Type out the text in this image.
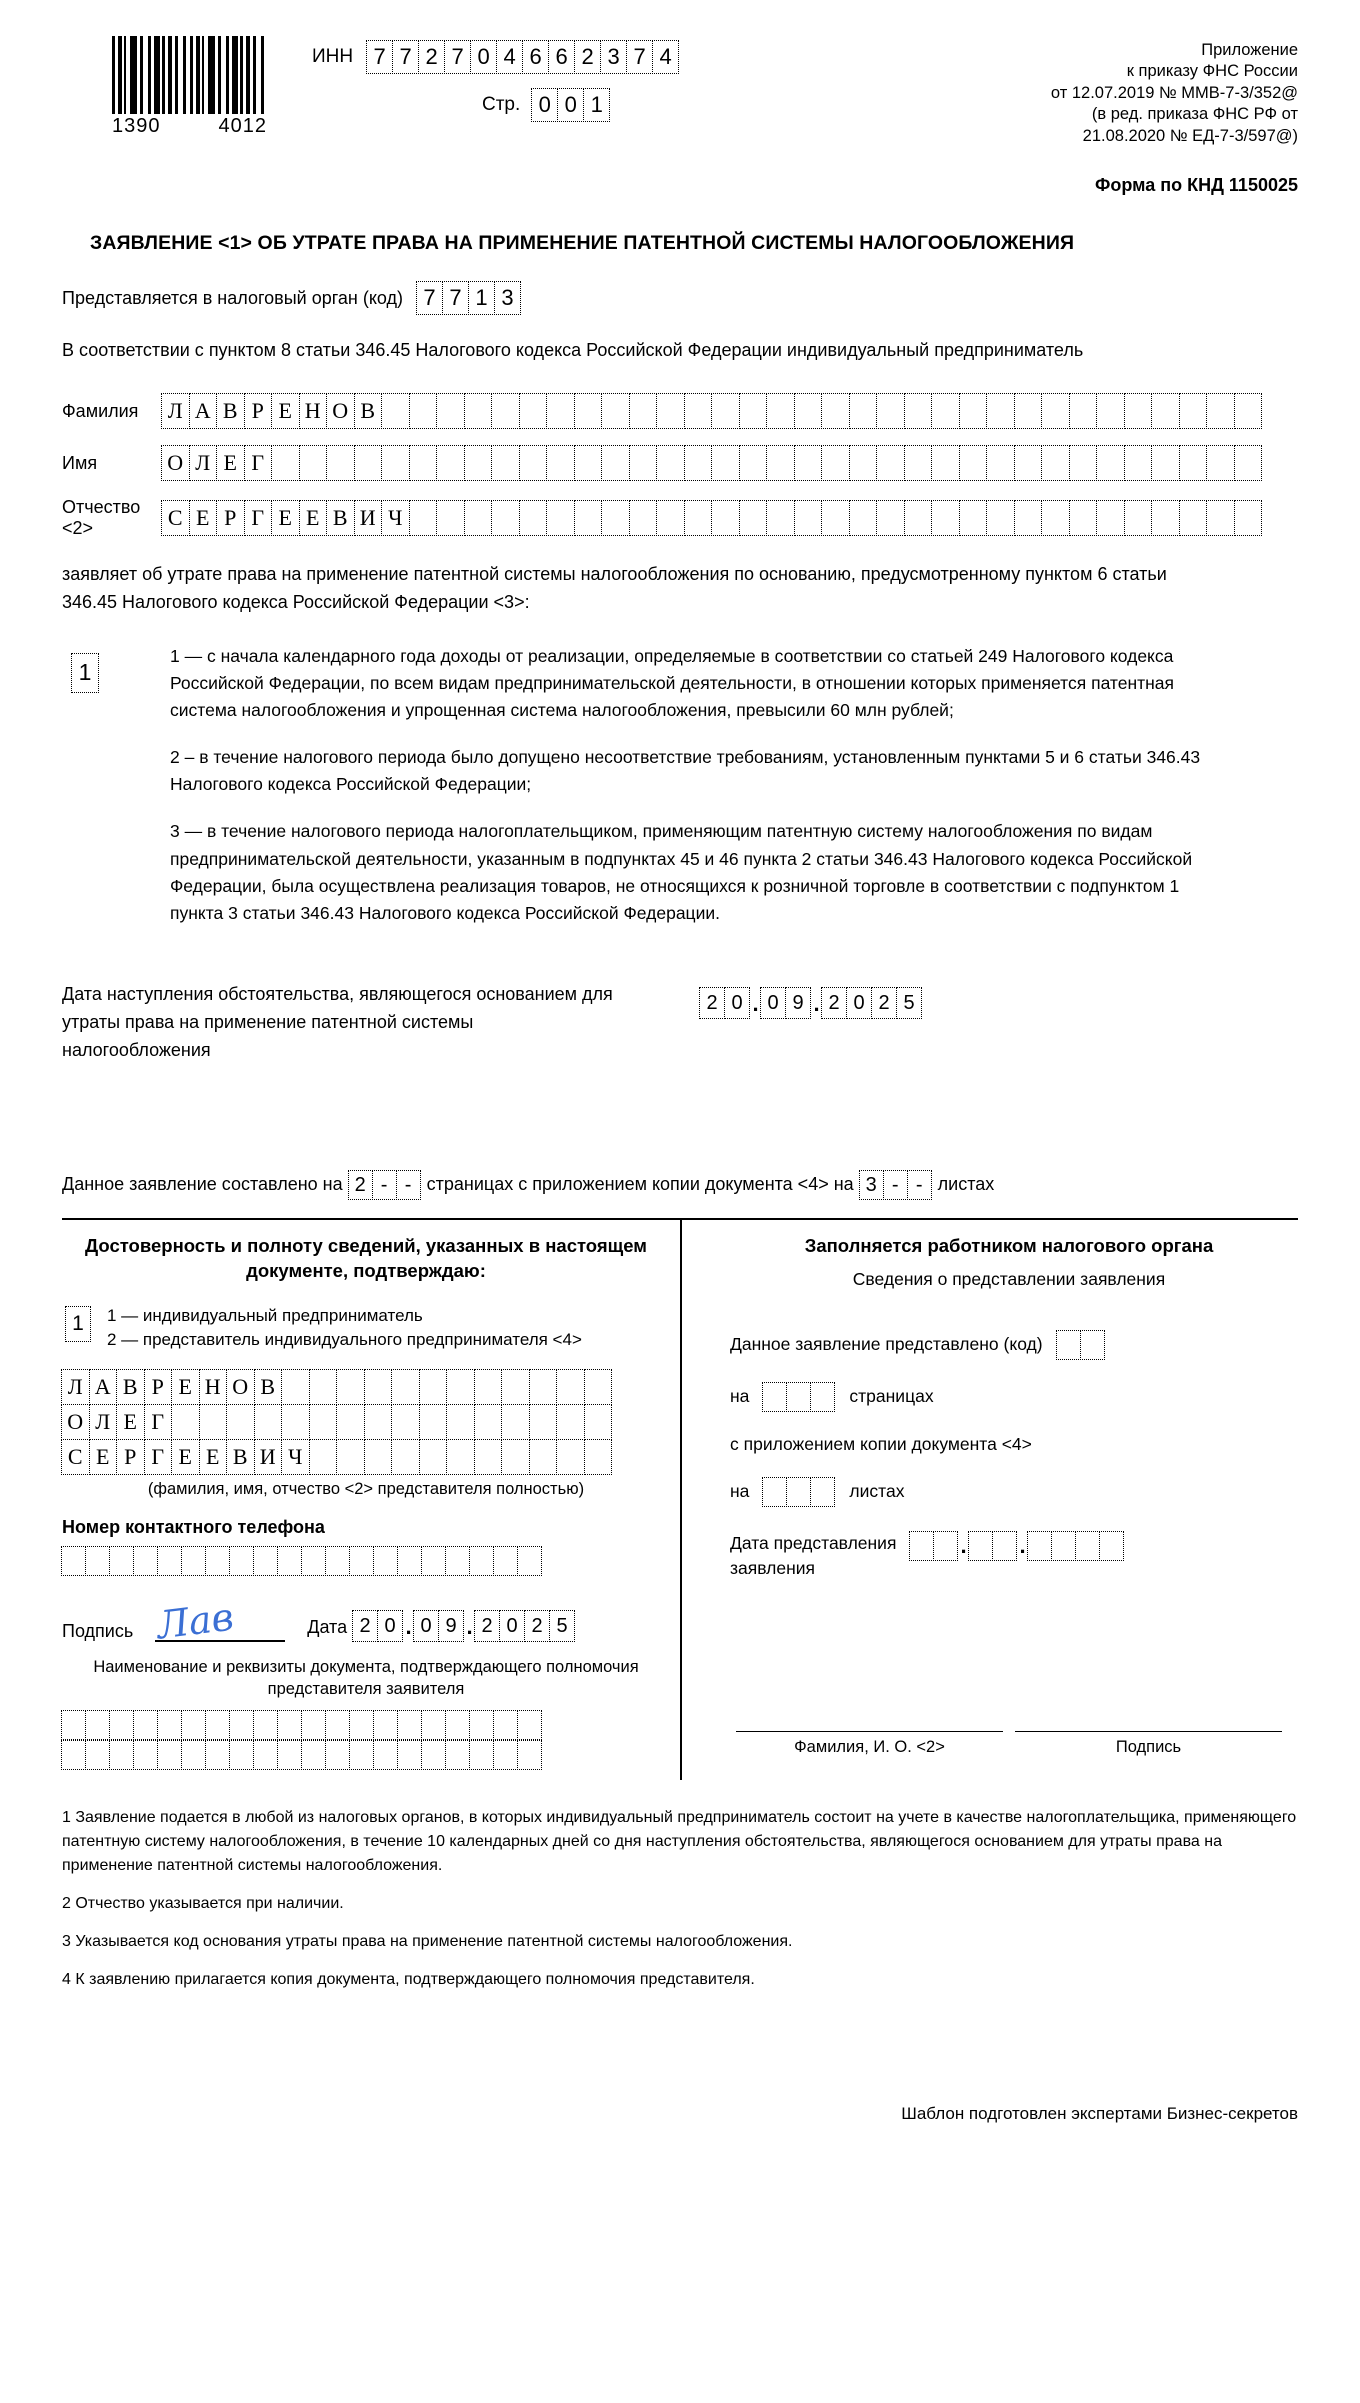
1390	4012
ИНН 7 7 2 7 0 4 6 6 2 3 7 4
Стр. 0 0 1
Приложение
к приказу ФНС России
от 12.07.2019 № ММВ-7-3/352@
(в ред. приказа ФНС РФ от
21.08.2020 № ЕД-7-3/597@)
Форма по КНД 1150025
ЗАЯВЛЕНИЕ <1> ОБ УТРАТЕ ПРАВА НА ПРИМЕНЕНИЕ ПАТЕНТНОЙ СИСТЕМЫ НАЛОГООБЛОЖЕНИЯ
Представляется в налоговый орган (код) 7 7 1 3
В соответствии с пунктом 8 статьи 346.45 Налогового кодекса Российской Федерации индивидуальный предприниматель
Фамилия	Л А В Р Е Н О В
Имя	О Л Е Г
Отчество <2>	С Е Р Г Е Е В И Ч
заявляет об утрате права на применение патентной системы налогообложения по основанию, предусмотренному пунктом 6 статьи 346.45 Налогового кодекса Российской Федерации <3>:
1
1 — с начала календарного года доходы от реализации, определяемые в соответствии со статьей 249 Налогового кодекса Российской Федерации, по всем видам предпринимательской деятельности, в отношении которых применяется патентная система налогообложения и упрощенная система налогообложения, превысили 60 млн рублей;
2 – в течение налогового периода было допущено несоответствие требованиям, установленным пунктами 5 и 6 статьи 346.43 Налогового кодекса Российской Федерации;
3 — в течение налогового периода налогоплательщиком, применяющим патентную систему налогообложения по видам предпринимательской деятельности, указанным в подпунктах 45 и 46 пункта 2 статьи 346.43 Налогового кодекса Российской Федерации, была осуществлена реализация товаров, не относящихся к розничной торговле в соответствии с подпунктом 1 пункта 3 статьи 346.43 Налогового кодекса Российской Федерации.
Дата наступления обстоятельства, являющегося основанием для утраты права на применение патентной системы налогообложения
2 0 . 0 9 . 2 0 2 5
Данное заявление составлено на 2 - - страницах с приложением копии документа <4> на 3 - - листах
Достоверность и полноту сведений, указанных в настоящем документе, подтверждаю:
1	1 — индивидуальный предприниматель
2 — представитель индивидуального предпринимателя <4>
Л А В Р Е Н О В
О Л Е Г
С Е Р Г Е Е В И Ч
(фамилия, имя, отчество <2> представителя полностью)
Номер контактного телефона
Подпись Лав	Дата 2 0 . 0 9 . 2 0 2 5
Наименование и реквизиты документа, подтверждающего полномочия представителя заявителя
Заполняется работником налогового органа
Сведения о представлении заявления
Данное заявление представлено (код)
на	страницах
с приложением копии документа <4>
на	листах
Дата представления заявления
. .
Фамилия, И. О. <2>	Подпись

1 Заявление подается в любой из налоговых органов, в которых индивидуальный предприниматель состоит на учете в качестве налогоплательщика, применяющего патентную систему налогообложения, в течение 10 календарных дней со дня наступления обстоятельства, являющегося основанием для утраты права на применение патентной системы налогообложения.

2 Отчество указывается при наличии.

3 Указывается код основания утраты права на применение патентной системы налогообложения.

4 К заявлению прилагается копия документа, подтверждающего полномочия представителя.

Шаблон подготовлен экспертами Бизнес-секретов
